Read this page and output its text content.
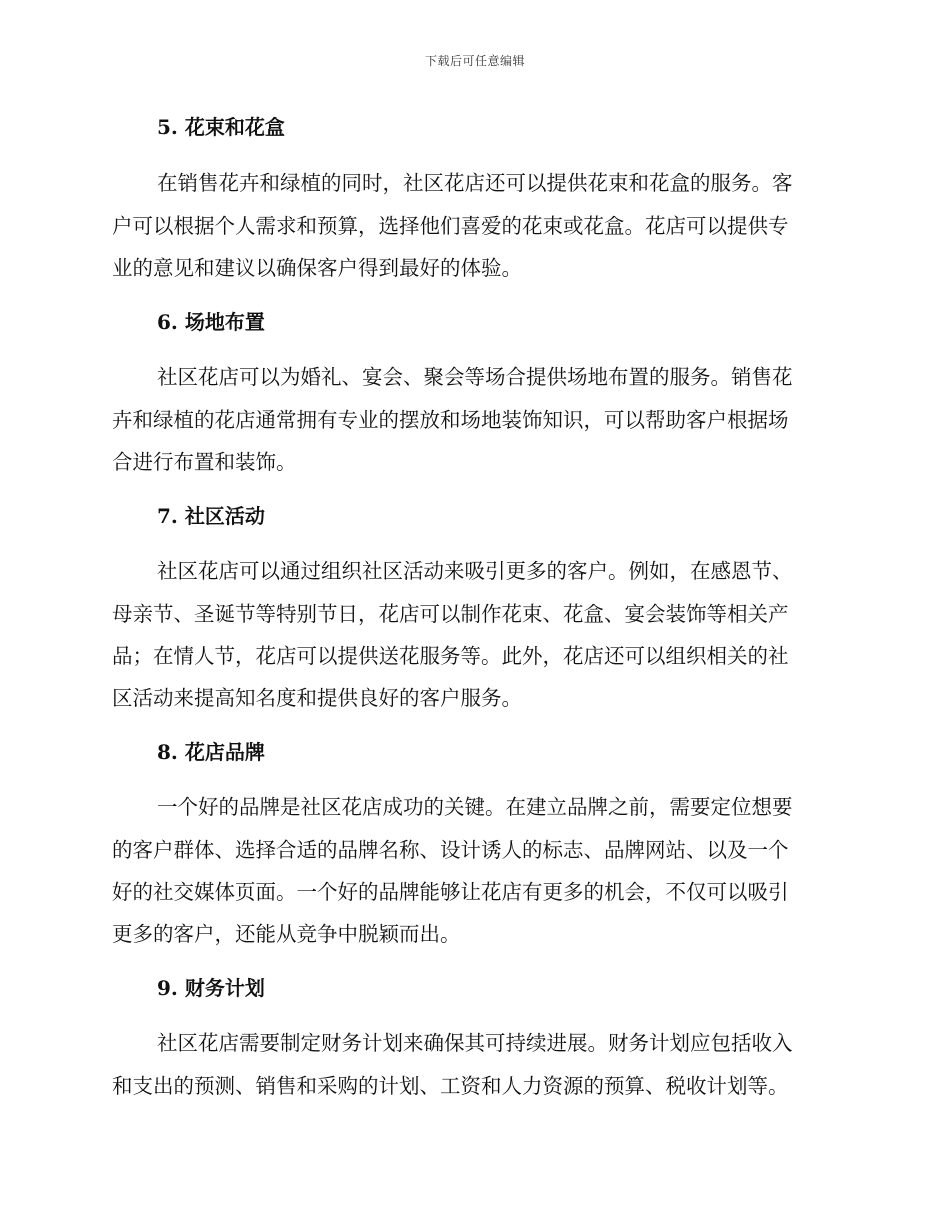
下载后可任意编辑
5. 花束和花盒
在销售花卉和绿植的同时，社区花店还可以提供花束和花盒的服务。客
户可以根据个人需求和预算，选择他们喜爱的花束或花盒。花店可以提供专
业的意见和建议以确保客户得到最好的体验。
6. 场地布置
社区花店可以为婚礼、宴会、聚会等场合提供场地布置的服务。销售花
卉和绿植的花店通常拥有专业的摆放和场地装饰知识，可以帮助客户根据场
合进行布置和装饰。
7. 社区活动
社区花店可以通过组织社区活动来吸引更多的客户。例如，在感恩节、
母亲节、圣诞节等特别节日，花店可以制作花束、花盒、宴会装饰等相关产
品；在情人节，花店可以提供送花服务等。此外，花店还可以组织相关的社
区活动来提高知名度和提供良好的客户服务。
8. 花店品牌
一个好的品牌是社区花店成功的关键。在建立品牌之前，需要定位想要
的客户群体、选择合适的品牌名称、设计诱人的标志、品牌网站、以及一个
好的社交媒体页面。一个好的品牌能够让花店有更多的机会，不仅可以吸引
更多的客户，还能从竞争中脱颖而出。
9. 财务计划
社区花店需要制定财务计划来确保其可持续进展。财务计划应包括收入
和支出的预测、销售和采购的计划、工资和人力资源的预算、税收计划等。
